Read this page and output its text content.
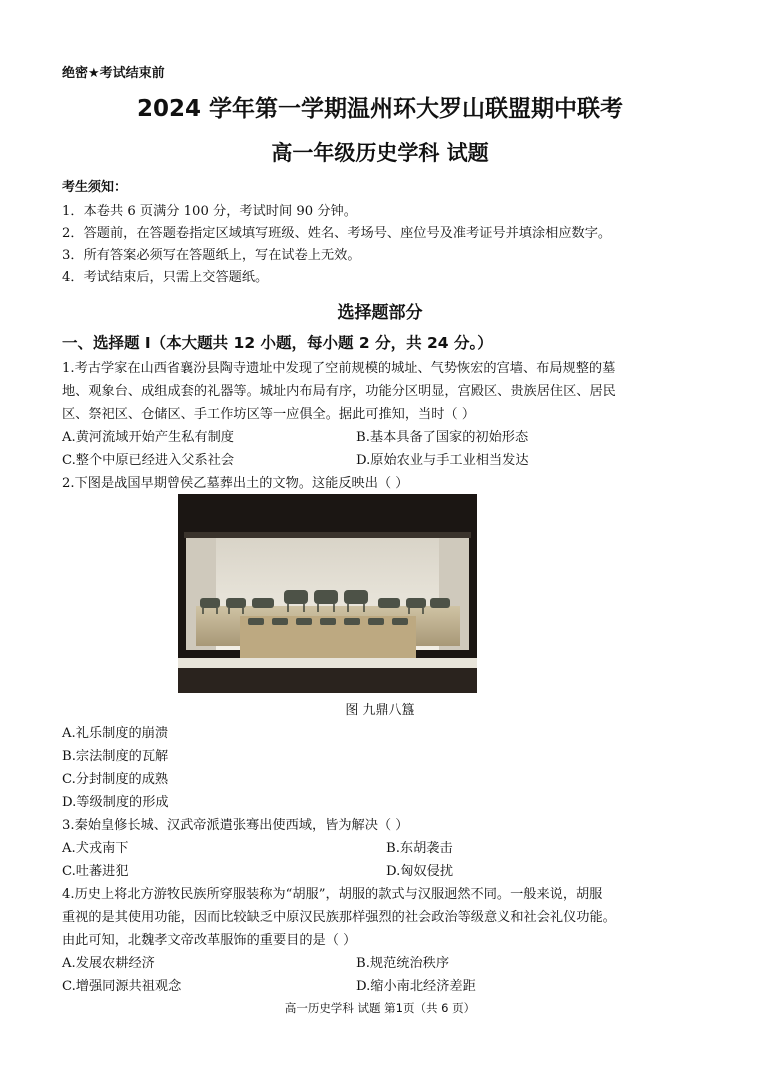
绝密★考试结束前
2024 学年第一学期温州环大罗山联盟期中联考
高一年级历史学科 试题
考生须知：
1．本卷共 6 页满分 100 分，考试时间 90 分钟。
2．答题前，在答题卷指定区域填写班级、姓名、考场号、座位号及准考证号并填涂相应数字。
3．所有答案必须写在答题纸上，写在试卷上无效。
4．考试结束后，只需上交答题纸。
选择题部分
一、选择题 Ⅰ（本大题共 12 小题，每小题 2 分，共 24 分。）
1.考古学家在山西省襄汾县陶寺遗址中发现了空前规模的城址、气势恢宏的宫墙、布局规整的墓
地、观象台、成组成套的礼器等。城址内布局有序，功能分区明显，宫殿区、贵族居住区、居民
区、祭祀区、仓储区、手工作坊区等一应俱全。据此可推知，当时（ ）
A.黄河流域开始产生私有制度	B.基本具备了国家的初始形态
C.整个中原已经进入父系社会	D.原始农业与手工业相当发达
2.下图是战国早期曾侯乙墓葬出土的文物。这能反映出（ ）
图 九鼎八簋
A.礼乐制度的崩溃
B.宗法制度的瓦解
C.分封制度的成熟
D.等级制度的形成
3.秦始皇修长城、汉武帝派遣张骞出使西域，皆为解决（ ）
A.犬戎南下	B.东胡袭击
C.吐蕃进犯	D.匈奴侵扰
4.历史上将北方游牧民族所穿服装称为“胡服”，胡服的款式与汉服迥然不同。一般来说，胡服
重视的是其使用功能，因而比较缺乏中原汉民族那样强烈的社会政治等级意义和社会礼仪功能。
由此可知，北魏孝文帝改革服饰的重要目的是（ ）
A.发展农耕经济	B.规范统治秩序
C.增强同源共祖观念	D.缩小南北经济差距
高一历史学科 试题 第1页（共 6 页）
